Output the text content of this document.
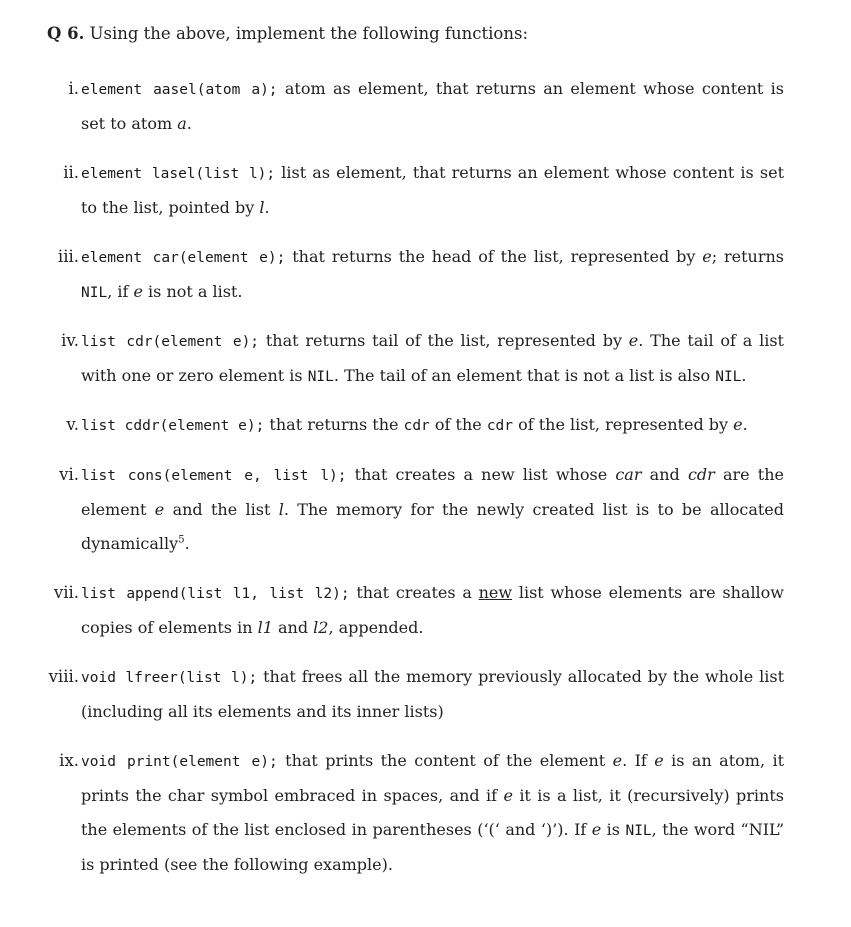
Q 6. Using the above, implement the following functions:
i. element aasel(atom a); atom as element, that returns an element whose content is set to atom a.
ii. element lasel(list l); list as element, that returns an element whose content is set to the list, pointed by l.
iii. element car(element e); that returns the head of the list, represented by e; returns NIL, if e is not a list.
iv. list cdr(element e); that returns tail of the list, represented by e. The tail of a list with one or zero element is NIL. The tail of an element that is not a list is also NIL.
v. list cddr(element e); that returns the cdr of the cdr of the list, represented by e.
vi. list cons(element e, list l); that creates a new list whose car and cdr are the element e and the list l. The memory for the newly created list is to be allocated dynamically$^5$.
vii. list append(list l1, list l2); that creates a new list whose elements are shallow copies of elements in l1 and l2, appended.
viii. void lfreer(list l); that frees all the memory previously allocated by the whole list (including all its elements and its inner lists)
ix. void print(element e); that prints the content of the element e. If e is an atom, it prints the char symbol embraced in spaces, and if e it is a list, it (recursively) prints the elements of the list enclosed in parentheses (‘(‘ and ‘)’). If e is NIL, the word “NIL” is printed (see the following example).
